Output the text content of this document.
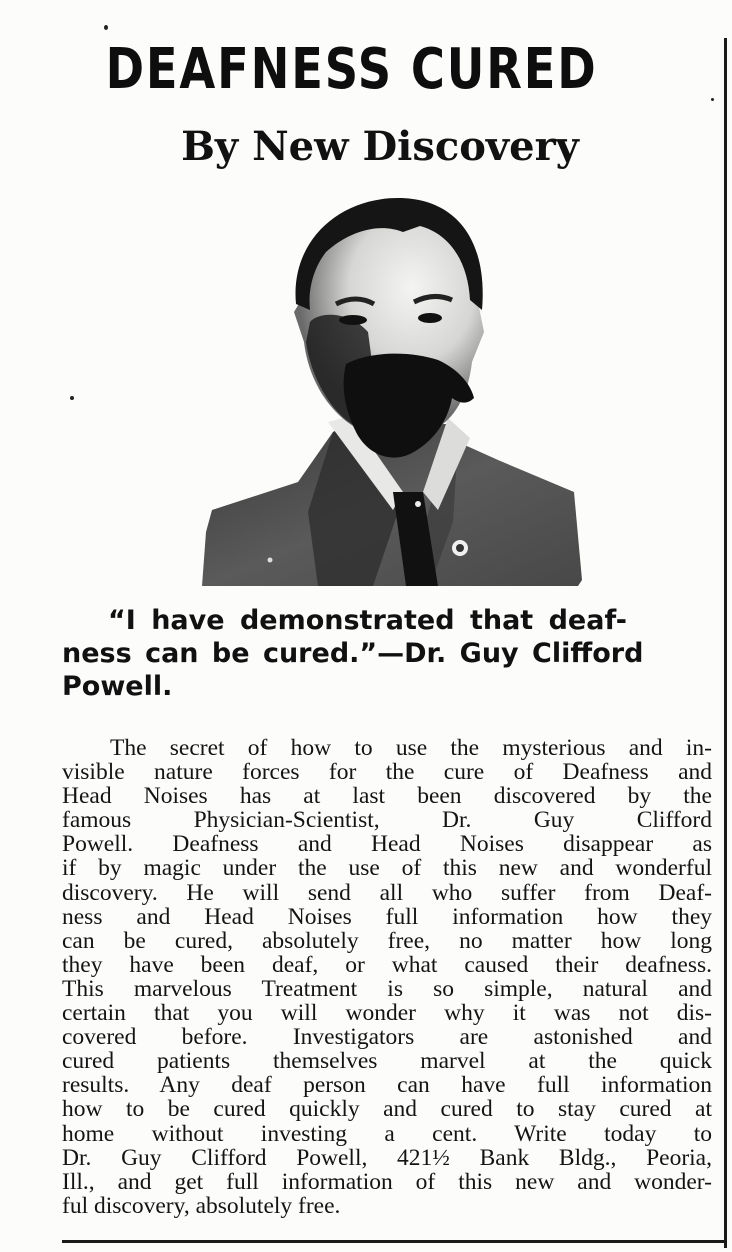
DEAFNESS CURED
By New Discovery
“I have demonstrated that deaf-
ness can be cured.”—Dr. Guy Clifford
Powell.
The secret of how to use the mysterious and in-
visible nature forces for the cure of Deafness and
Head Noises has at last been discovered by the
famous Physician-Scientist, Dr. Guy Clifford
Powell. Deafness and Head Noises disappear as
if by magic under the use of this new and wonderful
discovery. He will send all who suffer from Deaf-
ness and Head Noises full information how they
can be cured, absolutely free, no matter how long
they have been deaf, or what caused their deafness.
This marvelous Treatment is so simple, natural and
certain that you will wonder why it was not dis-
covered before. Investigators are astonished and
cured patients themselves marvel at the quick
results. Any deaf person can have full information
how to be cured quickly and cured to stay cured at
home without investing a cent. Write today to
Dr. Guy Clifford Powell, 421½ Bank Bldg., Peoria,
Ill., and get full information of this new and wonder-
ful discovery, absolutely free.
